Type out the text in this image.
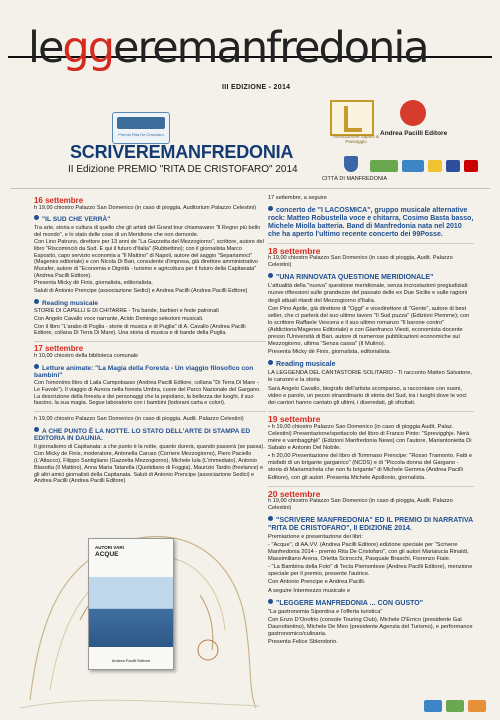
leggeremanfredonia
III EDIZIONE - 2014
Premio Rita De Cristofaro
SCRIVEREMANFREDONIA
II Edizione PREMIO "RITA DE CRISTOFARO" 2014
Associazione Sipario & Paesaggio
Andrea Pacilli Editore
CITTÀ DI MANFREDONIA
16 settembre
h 19,00 chiostro Palazzo San Domenico (in caso di pioggia, Auditorium Palazzo Celestini)
"IL SUD CHE VERRÀ"
Tra arte, storia e cultura di quello che gli artisti del Grand tour chiamavano "Il Regno più bello del mondo", e lo stato delle cose di un Meridione che non demorde.
Con Lino Patruno, direttore per 13 anni de "La Gazzetta del Mezzogiorno", scrittore, autore del libro "Riscominciò da Sud. E qui il futuro d'Italia" (Rubbettino); con il giornalista Marco Esposito, capo servizio economia a "Il Mattino" di Napoli, autore del saggio "Separiamoci" (Magenes editoriale) e con Nicola Di Bari, consulente d'impresa, già direttore amministrativo Mucafer, autore di "Economia e Dignità - turismo e agricoltura per il futuro della Capitanata" (Andrea Pacilli Editore).
Presenta Micky dè Finis, giornalista, editorialista.
Saluti di Antonio Prencipe (associazione Sedici) e Andrea Pacilli (Andrea Pacilli Editore)
Reading musicale
STORIE DI CAPELLI E DI CHITARRE - Tra bande, barbieri e feste patronali
Con Angelo Cavallo voce narrante, Acido Domingo selezioni musicali.
Con il libro "L'arabo di Puglia - storie di musica e di Puglia" di A. Cavallo (Andrea Pacilli Editore, collana Di Terra Di Mare). Una storia di musica e di bande della Puglia.
17 settembre
h 10,00 chiostro della biblioteca comunale
Letture animate: "La Magia della Foresta - Un viaggio filosofico con bambini"
Con l'omonimo libro di Laila Campobasso (Andrea Pacilli Editore, collana "Di Terra Di Mare - Le Favole"). Il viaggio di Aurora nella foresta Umbra, cuore del Parco Nazionale del Gargano. La descrizione della foresta e dei personaggi che la popolano, la bellezza dei luoghi, il suo fascino, la sua magia. Segue laboratorio con i bambini (lodorani carta e colori).
h 19,00 chiostro Palazzo San Domenico (in caso di pioggia, Audit. Palazzo Celestini)
A CHE PUNTO È LA NOTTE. LO STATO DELL'ARTE DI STAMPA ED EDITORIA IN DAUNIA.
Il giornalismo di Capitanata: a che punto è la notte, quanto durerà, quando passerà (se passa).
Con Micky de Finis, moderatore, Antonella Caruso (Corriere Mezzogiorno), Piero Paciello (L'Attacco), Filippo Santigliano (Gazzetta Mezzogiorno), Michele Iula (L'immediato), Antonio Blasotta (Il Mattino), Anna Maria Tatarella (Quotidiano di Foggia), Maurizio Tardio (freelance) e gli altri amici giornalisti della Capitanata. Saluti di Antonio Prencipe (associazione Sedici) e Andrea Pacilli (Andrea Pacilli Editore)
17 settembre, a seguire
concerto de "I LACOSMICA", gruppo musicale alternative rock: Matteo Robustella voce e chitarra, Cosimo Basta basso, Michele Miolla batteria. Band di Manfredonia nata nel 2010 che ha aperto l'ultimo recente concerto dei 99Posse.
18 settembre
h 19,00 chiostro Palazzo San Domenico (in caso di pioggia, Audit. Palazzo Celestini)
"UNA RINNOVATA QUESTIONE MERIDIONALE"
L'attualità della "nuova" questione meridionale, senza incrostazioni pregiudiziali: nuove riflessioni sulle grandezze del passato delle ex Due Sicilie e sulle ragioni degli attuali ritardi del Mezzogiorno d'Italia.
Con Pino Aprile, già direttore di "Oggi" e vicedirettore di "Gente", autore di best seller, che ci parlerà del suo ultimo lavoro "Il Sud puzza" (Edizioni Piemme); con lo scrittore Raffaele Vescera e il suo ultimo romanzo "Il barone contro" (Addictions/Magenes Editoriale) e con Gianfranco Viesti, economista docente presso l'Università di Bari, autore di numerose pubblicazioni economiche sul Mezzogiorno, ultima "Senza cassa" (Il Mulino).
Presenta Micky dè Finis, giornalista, editorialista.
Reading musicale
LA LEGGENDA DEL CANTASTORIE SOLITARIO - Ti racconto Matteo Salvatore, le canzoni e la storia
Sarà Angelo Cavallo, biografo dell'artista scomparso, a raccontare con suoni, video e parole, un pezzo straordinario di storia del Sud, tra i luoghi dove le voci dei cantori hanno cantato gli ultimi, i diseredati, gli sfruttati.
19 settembre
• h 19,00 chiostro Palazzo San Domenico (in caso di pioggia Audit. Palaz. Celestini) Presentazione/spettacolo del libro di Franco Pinto: "Sprevigghje. Nerà mère e vambagghjè" (Edizioni Manfredonia News) con l'autore, Mariantonietta Di Sabato e Antonio Del Nobile.
• h 20,00 Presentazione del libro di Tommaso Prencipe: "Rosso Tramonto. Fatti e misfatti di un brigante garganico" (NCDS) e di "Piccola donna del Gargano - storia di Mariamichela che non fu brigante" di Michele Gemma (Andrea Pacilli Editore), con gli autori. Presenta Michele Apollonio, giornalista.
20 settembre
h 19,00 chiostro Palazzo San Domenico (in caso di pioggia, Audit. Palazzo Celestini)
"SCRIVERE MANFREDONIA" ED IL PREMIO DI NARRATIVA "RITA DE CRISTOFARO", II EDIZIONE 2014.
Premiazione e presentazione dei libri:
- "Acque", di AA.VV. (Andrea Pacilli Editore) edizione speciale per "Scrivere Manfredonia 2014 - premio Rita De Cristofaro", con gli autori Mariaiucia Rinaldi, Massimiliano Arena, Orietta Scirocchi, Pasquale Braschi, Fiorenzo Fiale.
- "La Bambina della Foto" di Tecla Piemontese (Andrea Pacilli Editore), menzione speciale per il premio, presente l'autrice.
Con Antonio Prencipe e Andrea Pacilli.
A seguire Intermezzo musicale e
"LEGGERE MANFREDONIA ... CON GUSTO"
"La gastronomia Sipontina e l'offerta turistica"
Con Enzo D'Onofrio (console Touring Club), Michele D'Errico (presidente Gal Daunofantino), Michele De Meo (presidente Agenzia del Turismo), e performance gastronomico/culinaria.
Presenta Felice Sblendorio.
AUTORI VARI
ACQUE
Andrea Pacilli Editore
